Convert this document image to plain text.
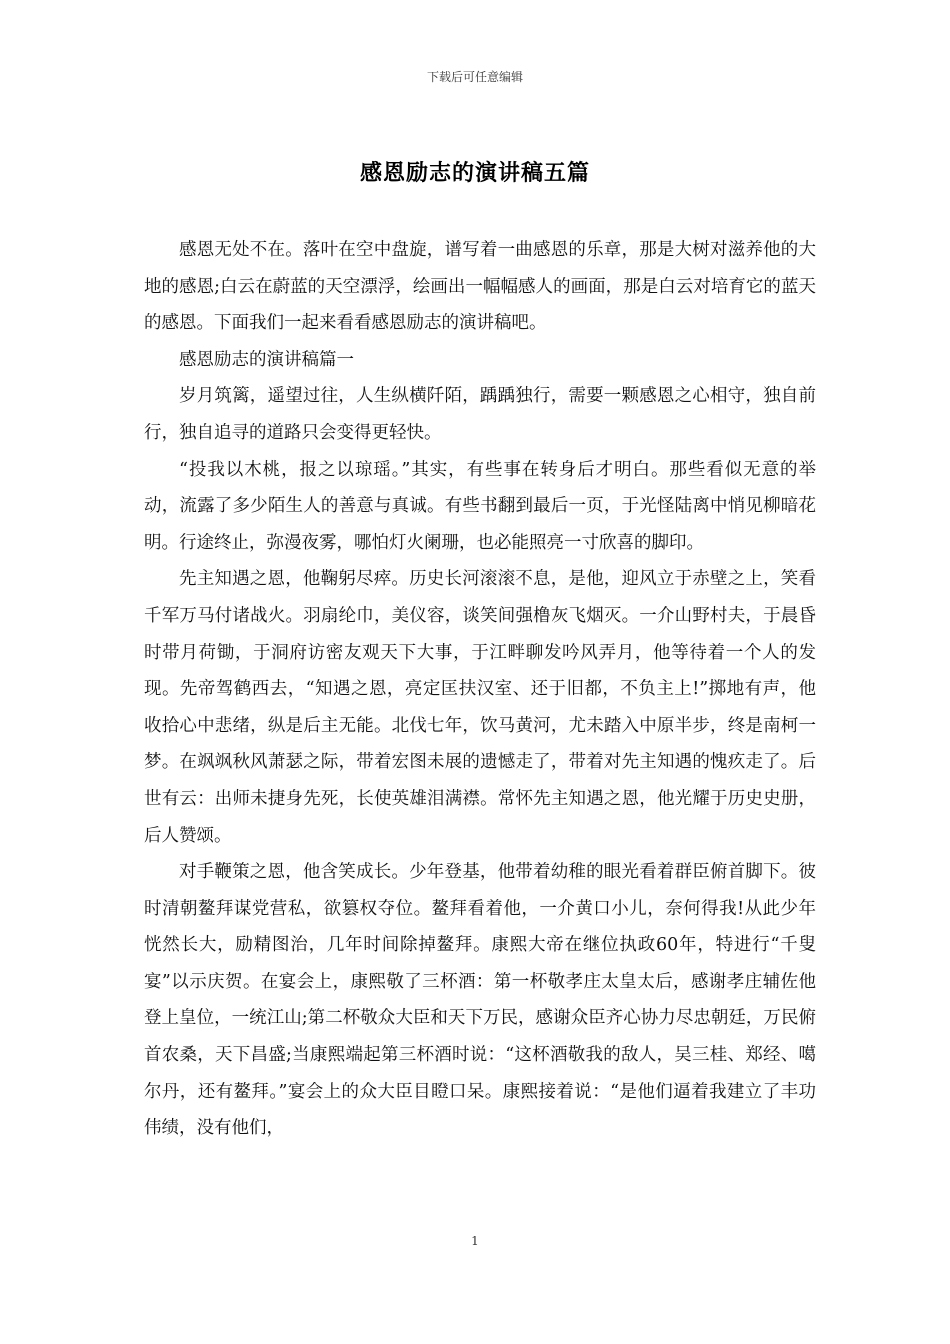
下载后可任意编辑
感恩励志的演讲稿五篇

感恩无处不在。落叶在空中盘旋，谱写着一曲感恩的乐章，那是大树对滋养他的大地的感恩;白云在蔚蓝的天空漂浮，绘画出一幅幅感人的画面，那是白云对培育它的蓝天的感恩。下面我们一起来看看感恩励志的演讲稿吧。

感恩励志的演讲稿篇一

岁月筑篱，遥望过往，人生纵横阡陌，踽踽独行，需要一颗感恩之心相守，独自前行，独自追寻的道路只会变得更轻快。

“投我以木桃，报之以琼瑶。”其实，有些事在转身后才明白。那些看似无意的举动，流露了多少陌生人的善意与真诚。有些书翻到最后一页，于光怪陆离中悄见柳暗花明。行途终止，弥漫夜雾，哪怕灯火阑珊，也必能照亮一寸欣喜的脚印。

先主知遇之恩，他鞠躬尽瘁。历史长河滚滚不息，是他，迎风立于赤壁之上，笑看千军万马付诸战火。羽扇纶巾，美仪容，谈笑间强橹灰飞烟灭。一介山野村夫，于晨昏时带月荷锄，于洞府访密友观天下大事，于江畔聊发吟风弄月，他等待着一个人的发现。先帝驾鹤西去，“知遇之恩，亮定匡扶汉室、还于旧都，不负主上!”掷地有声，他收拾心中悲绪，纵是后主无能。北伐七年，饮马黄河，尤未踏入中原半步，终是南柯一梦。在飒飒秋风萧瑟之际，带着宏图未展的遗憾走了，带着对先主知遇的愧疚走了。后世有云：出师未捷身先死，长使英雄泪满襟。常怀先主知遇之恩，他光耀于历史史册，后人赞颂。

对手鞭策之恩，他含笑成长。少年登基，他带着幼稚的眼光看着群臣俯首脚下。彼时清朝鳌拜谋党营私，欲篡权夺位。鳌拜看着他，一介黄口小儿，奈何得我!从此少年恍然长大，励精图治，几年时间除掉鳌拜。康熙大帝在继位执政60年，特进行“千叟宴”以示庆贺。在宴会上，康熙敬了三杯酒：第一杯敬孝庄太皇太后，感谢孝庄辅佐他登上皇位，一统江山;第二杯敬众大臣和天下万民，感谢众臣齐心协力尽忠朝廷，万民俯首农桑，天下昌盛;当康熙端起第三杯酒时说：“这杯酒敬我的敌人，吴三桂、郑经、噶尔丹，还有鳌拜。”宴会上的众大臣目瞪口呆。康熙接着说：“是他们逼着我建立了丰功伟绩，没有他们，

1
